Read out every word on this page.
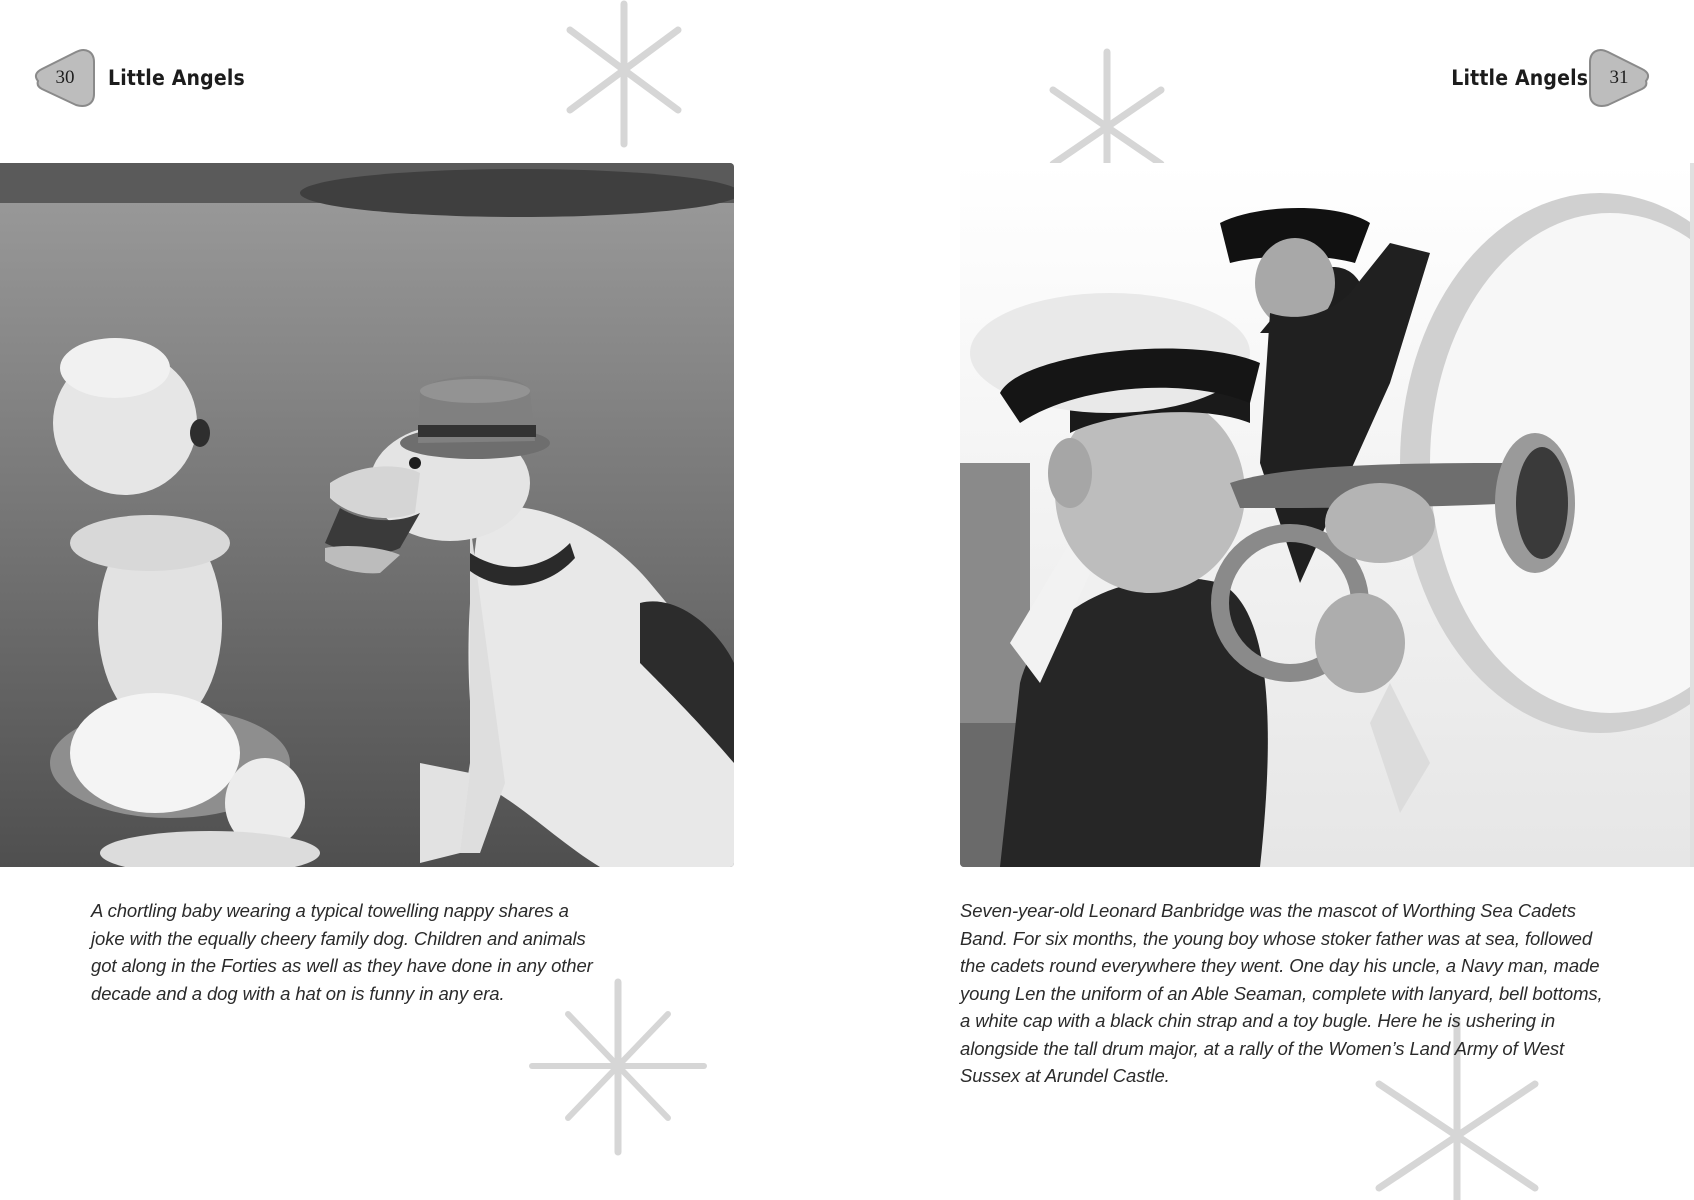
30	Little Angels
A chortling baby wearing a typical towelling nappy shares a joke with the equally cheery family dog. Children and animals got along in the Forties as well as they have done in any other decade and a dog with a hat on is funny in any era.
31
Little Angels
Seven-year-old Leonard Banbridge was the mascot of Worthing Sea Cadets Band. For six months, the young boy whose stoker father was at sea, followed the cadets round everywhere they went. One day his uncle, a Navy man, made young Len the uniform of an Able Seaman, complete with lanyard, bell bottoms, a white cap with a black chin strap and a toy bugle. Here he is ushering in alongside the tall drum major, at a rally of the Women’s Land Army of West Sussex at Arundel Castle.
